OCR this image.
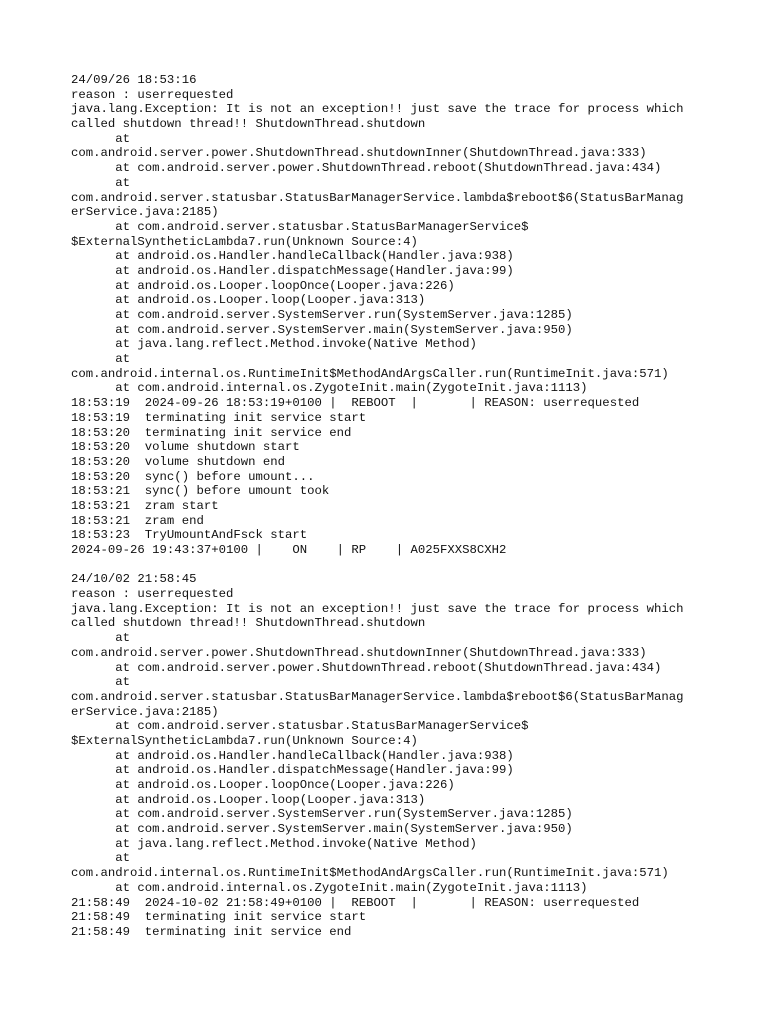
24/09/26 18:53:16
reason : userrequested
java.lang.Exception: It is not an exception!! just save the trace for process which
called shutdown thread!! ShutdownThread.shutdown
at
com.android.server.power.ShutdownThread.shutdownInner(ShutdownThread.java:333)
at com.android.server.power.ShutdownThread.reboot(ShutdownThread.java:434)
at
com.android.server.statusbar.StatusBarManagerService.lambda$reboot$6(StatusBarManag
erService.java:2185)
at com.android.server.statusbar.StatusBarManagerService$
$ExternalSyntheticLambda7.run(Unknown Source:4)
at android.os.Handler.handleCallback(Handler.java:938)
at android.os.Handler.dispatchMessage(Handler.java:99)
at android.os.Looper.loopOnce(Looper.java:226)
at android.os.Looper.loop(Looper.java:313)
at com.android.server.SystemServer.run(SystemServer.java:1285)
at com.android.server.SystemServer.main(SystemServer.java:950)
at java.lang.reflect.Method.invoke(Native Method)
at
com.android.internal.os.RuntimeInit$MethodAndArgsCaller.run(RuntimeInit.java:571)
at com.android.internal.os.ZygoteInit.main(ZygoteInit.java:1113)
18:53:19  2024-09-26 18:53:19+0100 |  REBOOT  |       | REASON: userrequested
18:53:19  terminating init service start
18:53:20  terminating init service end
18:53:20  volume shutdown start
18:53:20  volume shutdown end
18:53:20  sync() before umount...
18:53:21  sync() before umount took
18:53:21  zram start
18:53:21  zram end
18:53:23  TryUmountAndFsck start
2024-09-26 19:43:37+0100 |    ON    | RP    | A025FXXS8CXH2
24/10/02 21:58:45
reason : userrequested
java.lang.Exception: It is not an exception!! just save the trace for process which
called shutdown thread!! ShutdownThread.shutdown
at
com.android.server.power.ShutdownThread.shutdownInner(ShutdownThread.java:333)
at com.android.server.power.ShutdownThread.reboot(ShutdownThread.java:434)
at
com.android.server.statusbar.StatusBarManagerService.lambda$reboot$6(StatusBarManag
erService.java:2185)
at com.android.server.statusbar.StatusBarManagerService$
$ExternalSyntheticLambda7.run(Unknown Source:4)
at android.os.Handler.handleCallback(Handler.java:938)
at android.os.Handler.dispatchMessage(Handler.java:99)
at android.os.Looper.loopOnce(Looper.java:226)
at android.os.Looper.loop(Looper.java:313)
at com.android.server.SystemServer.run(SystemServer.java:1285)
at com.android.server.SystemServer.main(SystemServer.java:950)
at java.lang.reflect.Method.invoke(Native Method)
at
com.android.internal.os.RuntimeInit$MethodAndArgsCaller.run(RuntimeInit.java:571)
at com.android.internal.os.ZygoteInit.main(ZygoteInit.java:1113)
21:58:49  2024-10-02 21:58:49+0100 |  REBOOT  |       | REASON: userrequested
21:58:49  terminating init service start
21:58:49  terminating init service end
